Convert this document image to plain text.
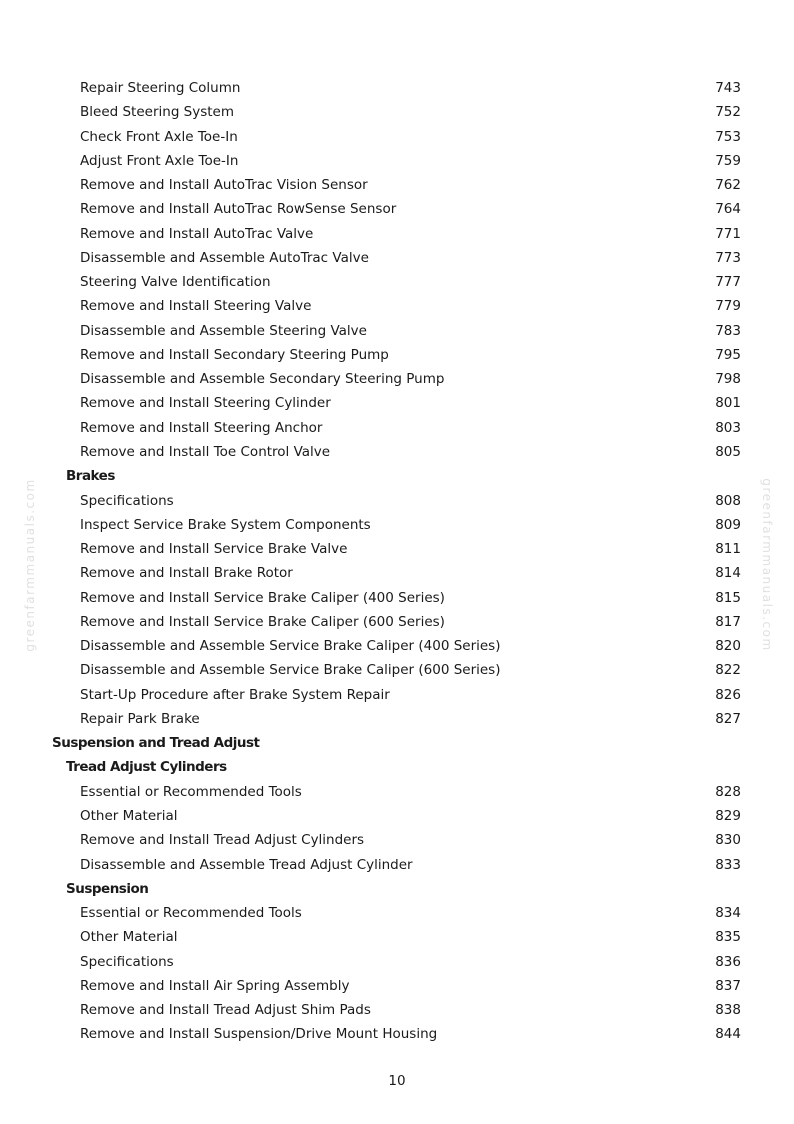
greenfarmmanuals.com	greenfarmmanuals.com
Repair Steering Column	743
Bleed Steering System	752
Check Front Axle Toe-In	753
Adjust Front Axle Toe-In	759
Remove and Install AutoTrac Vision Sensor	762
Remove and Install AutoTrac RowSense Sensor	764
Remove and Install AutoTrac Valve	771
Disassemble and Assemble AutoTrac Valve	773
Steering Valve Identification	777
Remove and Install Steering Valve	779
Disassemble and Assemble Steering Valve	783
Remove and Install Secondary Steering Pump	795
Disassemble and Assemble Secondary Steering Pump	798
Remove and Install Steering Cylinder	801
Remove and Install Steering Anchor	803
Remove and Install Toe Control Valve	805
Brakes
Specifications	808
Inspect Service Brake System Components	809
Remove and Install Service Brake Valve	811
Remove and Install Brake Rotor	814
Remove and Install Service Brake Caliper (400 Series)	815
Remove and Install Service Brake Caliper (600 Series)	817
Disassemble and Assemble Service Brake Caliper (400 Series)	820
Disassemble and Assemble Service Brake Caliper (600 Series)	822
Start-Up Procedure after Brake System Repair	826
Repair Park Brake	827
Suspension and Tread Adjust
Tread Adjust Cylinders
Essential or Recommended Tools	828
Other Material	829
Remove and Install Tread Adjust Cylinders	830
Disassemble and Assemble Tread Adjust Cylinder	833
Suspension
Essential or Recommended Tools	834
Other Material	835
Specifications	836
Remove and Install Air Spring Assembly	837
Remove and Install Tread Adjust Shim Pads	838
Remove and Install Suspension/Drive Mount Housing	844
10
